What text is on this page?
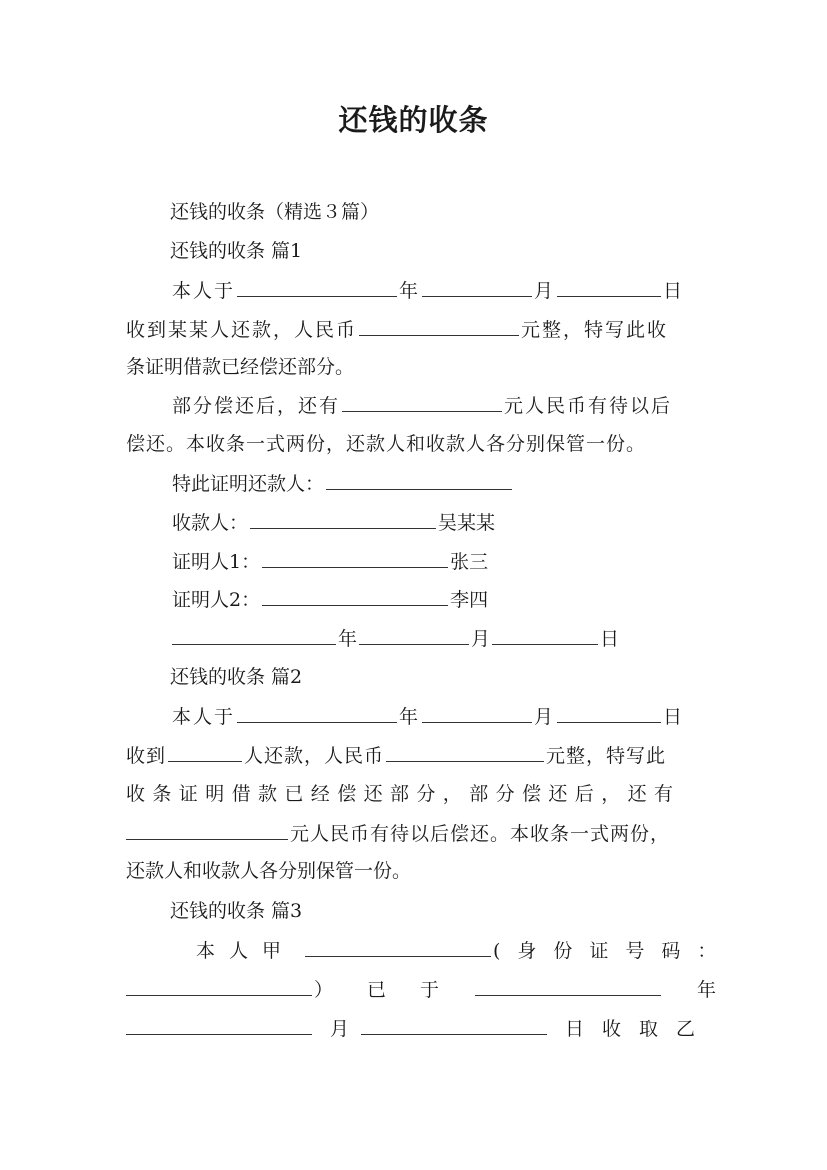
还钱的收条
还钱的收条（精选３篇）
还钱的收条 篇1
本人于	年	月	日
收到某某人还款，人民币	元整，特写此收
条证明借款已经偿还部分。
部分偿还后，还有	元人民币有待以后
偿还。本收条一式两份，还款人和收款人各分别保管一份。
特此证明还款人：
收款人：	吴某某
证明人1：	张三
证明人2：	李四
年	月	日
还钱的收条 篇2
本人于	年	月	日
收到	人还款，人民币	元整，特写此
收条证明借款已经偿还部分，部分偿还后，还有
元人民币有待以后偿还。本收条一式两份，
还款人和收款人各分别保管一份。
还钱的收条 篇3
本人甲	(身份证号码：
）已于	年
月	日收取乙
